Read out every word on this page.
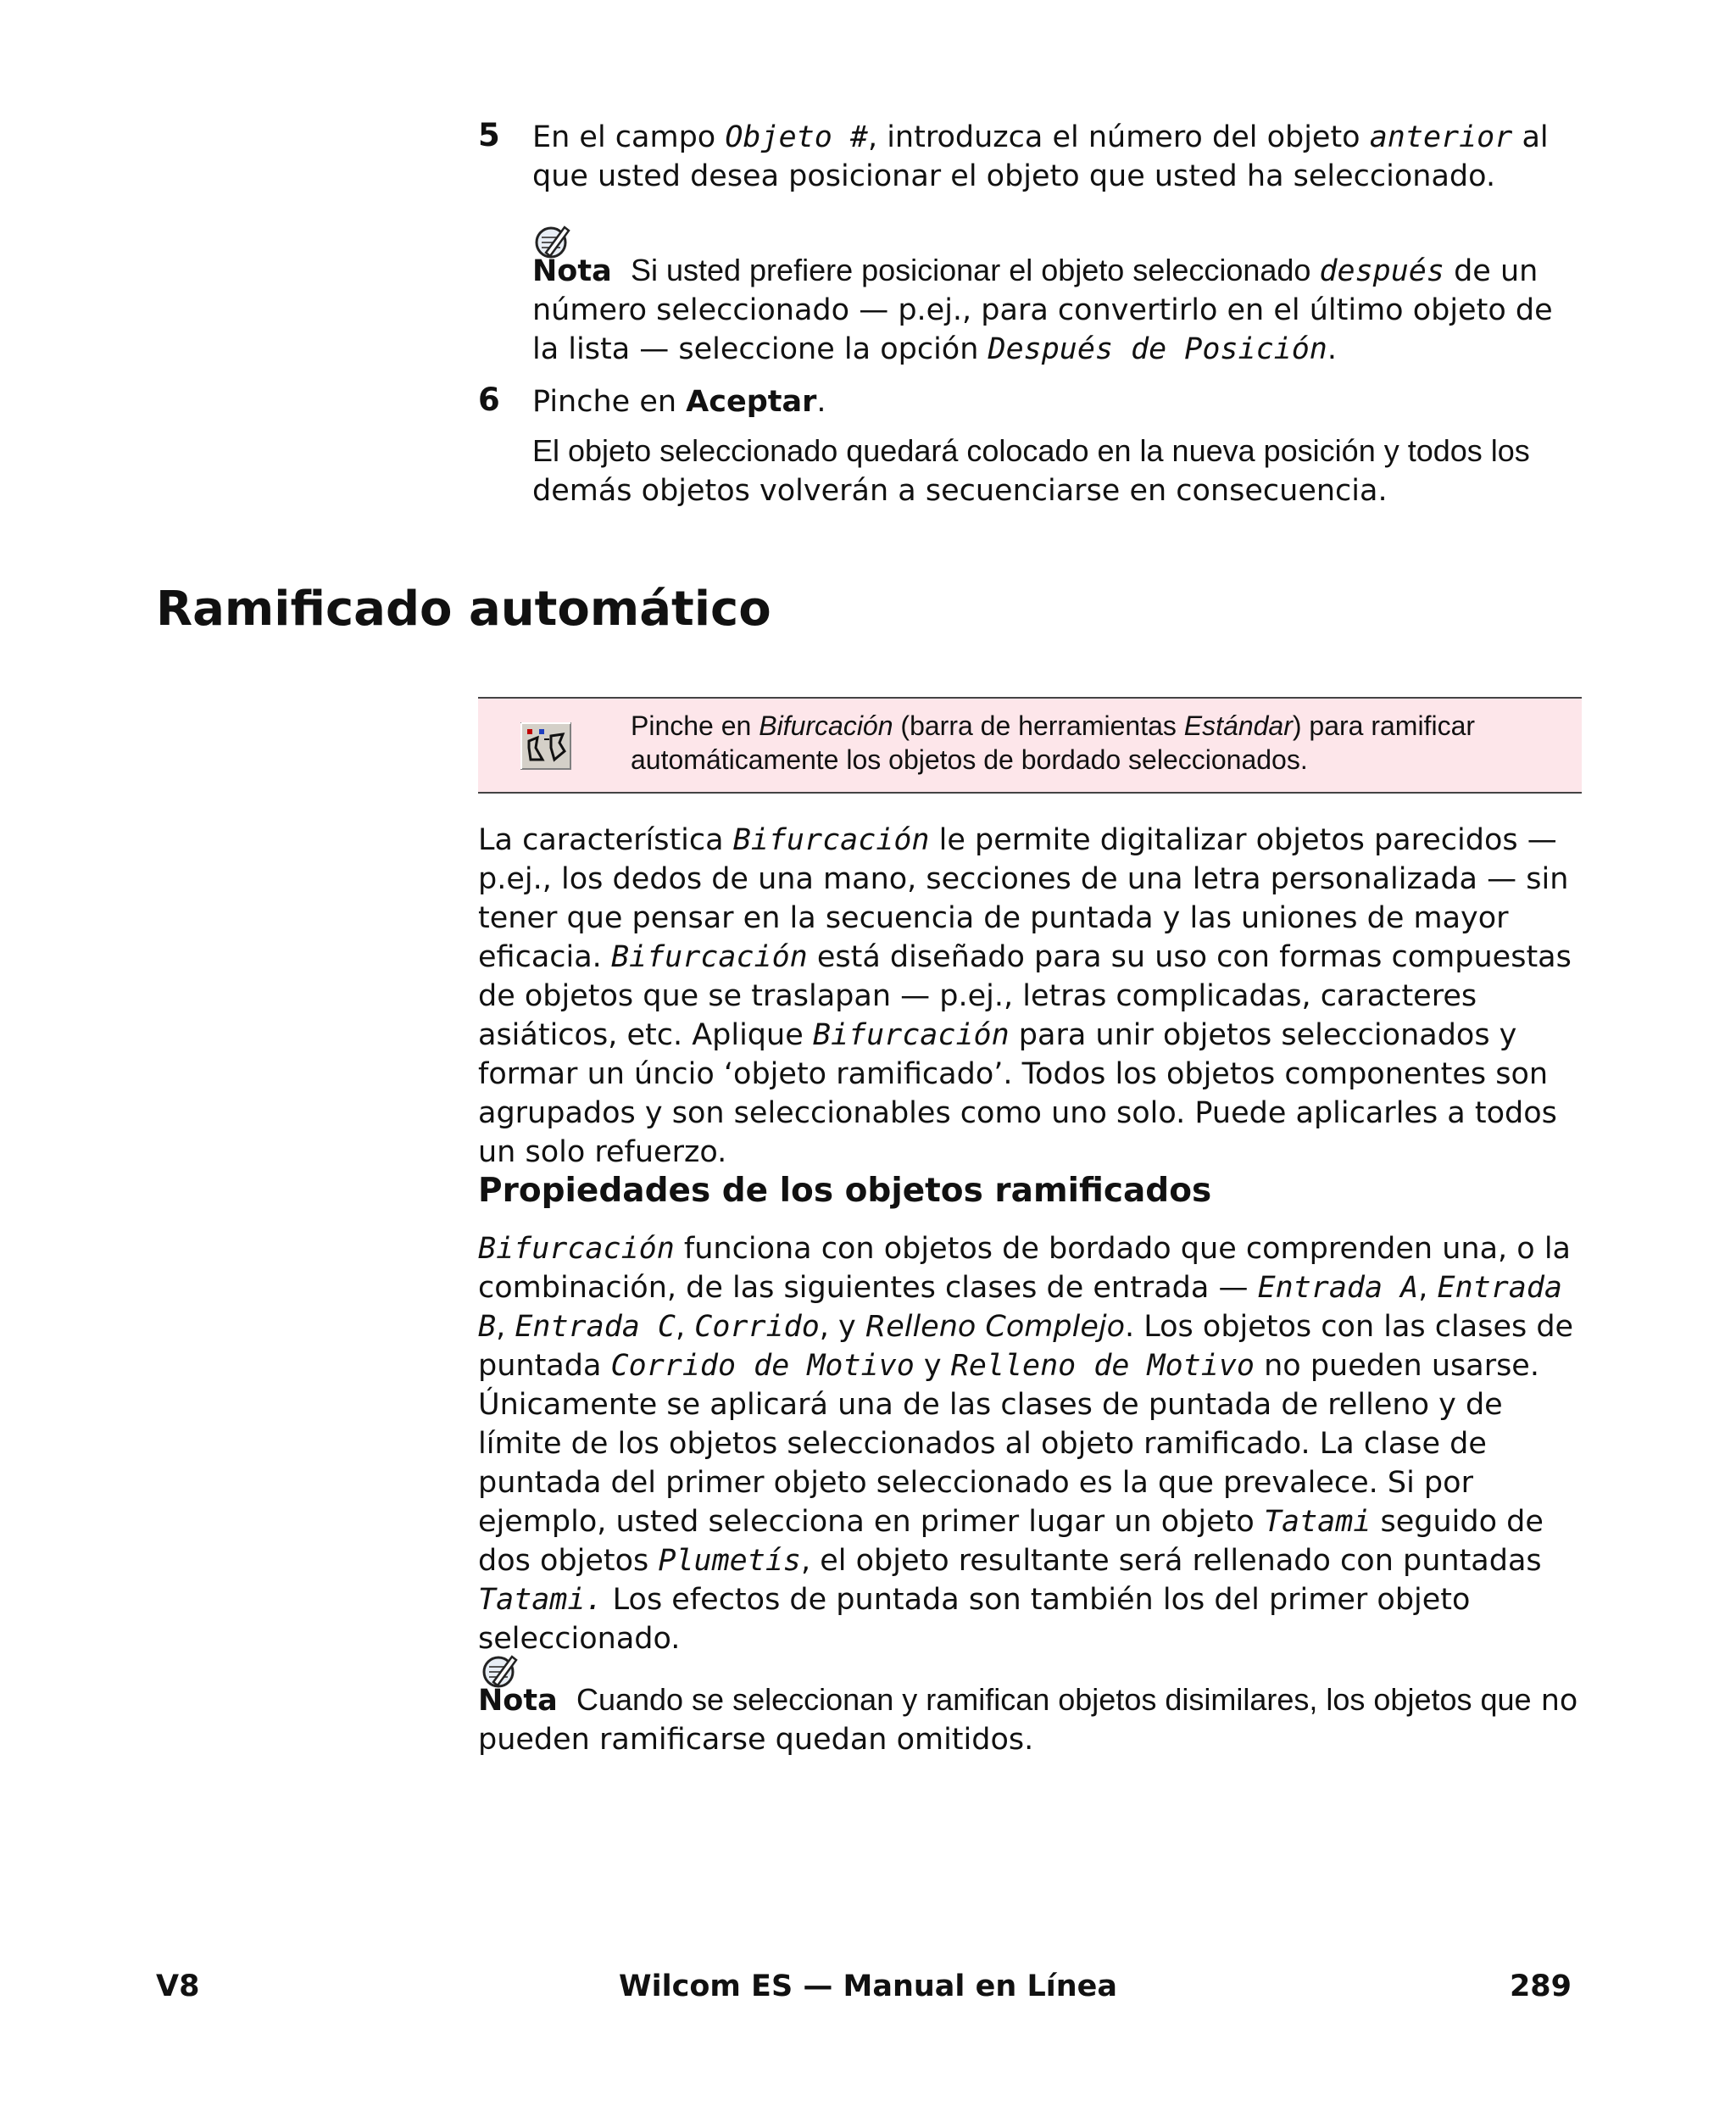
5 En el campo Objeto #, introduzca el número del objeto anterior al que usted desea posicionar el objeto que usted ha seleccionado.

Nota Si usted prefiere posicionar el objeto seleccionado después de un número seleccionado — p.ej., para convertirlo en el último objeto de la lista — seleccione la opción Después de Posición.

6 Pinche en Aceptar.

El objeto seleccionado quedará colocado en la nueva posición y todos los demás objetos volverán a secuenciarse en consecuencia.

Ramificado automático
Pinche en Bifurcación (barra de herramientas Estándar) para ramificar automáticamente los objetos de bordado seleccionados.

La característica Bifurcación le permite digitalizar objetos parecidos — p.ej., los dedos de una mano, secciones de una letra personalizada — sin tener que pensar en la secuencia de puntada y las uniones de mayor eficacia. Bifurcación está diseñado para su uso con formas compuestas de objetos que se traslapan — p.ej., letras complicadas, caracteres asiáticos, etc. Aplique Bifurcación para unir objetos seleccionados y formar un úncio ‘objeto ramificado’. Todos los objetos componentes son agrupados y son seleccionables como uno solo. Puede aplicarles a todos un solo refuerzo.

Propiedades de los objetos ramificados

Bifurcación funciona con objetos de bordado que comprenden una, o la combinación, de las siguientes clases de entrada — Entrada A, Entrada B, Entrada C, Corrido, y Relleno Complejo. Los objetos con las clases de puntada Corrido de Motivo y Relleno de Motivo no pueden usarse. Únicamente se aplicará una de las clases de puntada de relleno y de límite de los objetos seleccionados al objeto ramificado. La clase de puntada del primer objeto seleccionado es la que prevalece. Si por ejemplo, usted selecciona en primer lugar un objeto Tatami seguido de dos objetos Plumetís, el objeto resultante será rellenado con puntadas Tatami. Los efectos de puntada son también los del primer objeto seleccionado.

Nota Cuando se seleccionan y ramifican objetos disimilares, los objetos que no pueden ramificarse quedan omitidos.

V8	Wilcom ES — Manual en Línea	289
